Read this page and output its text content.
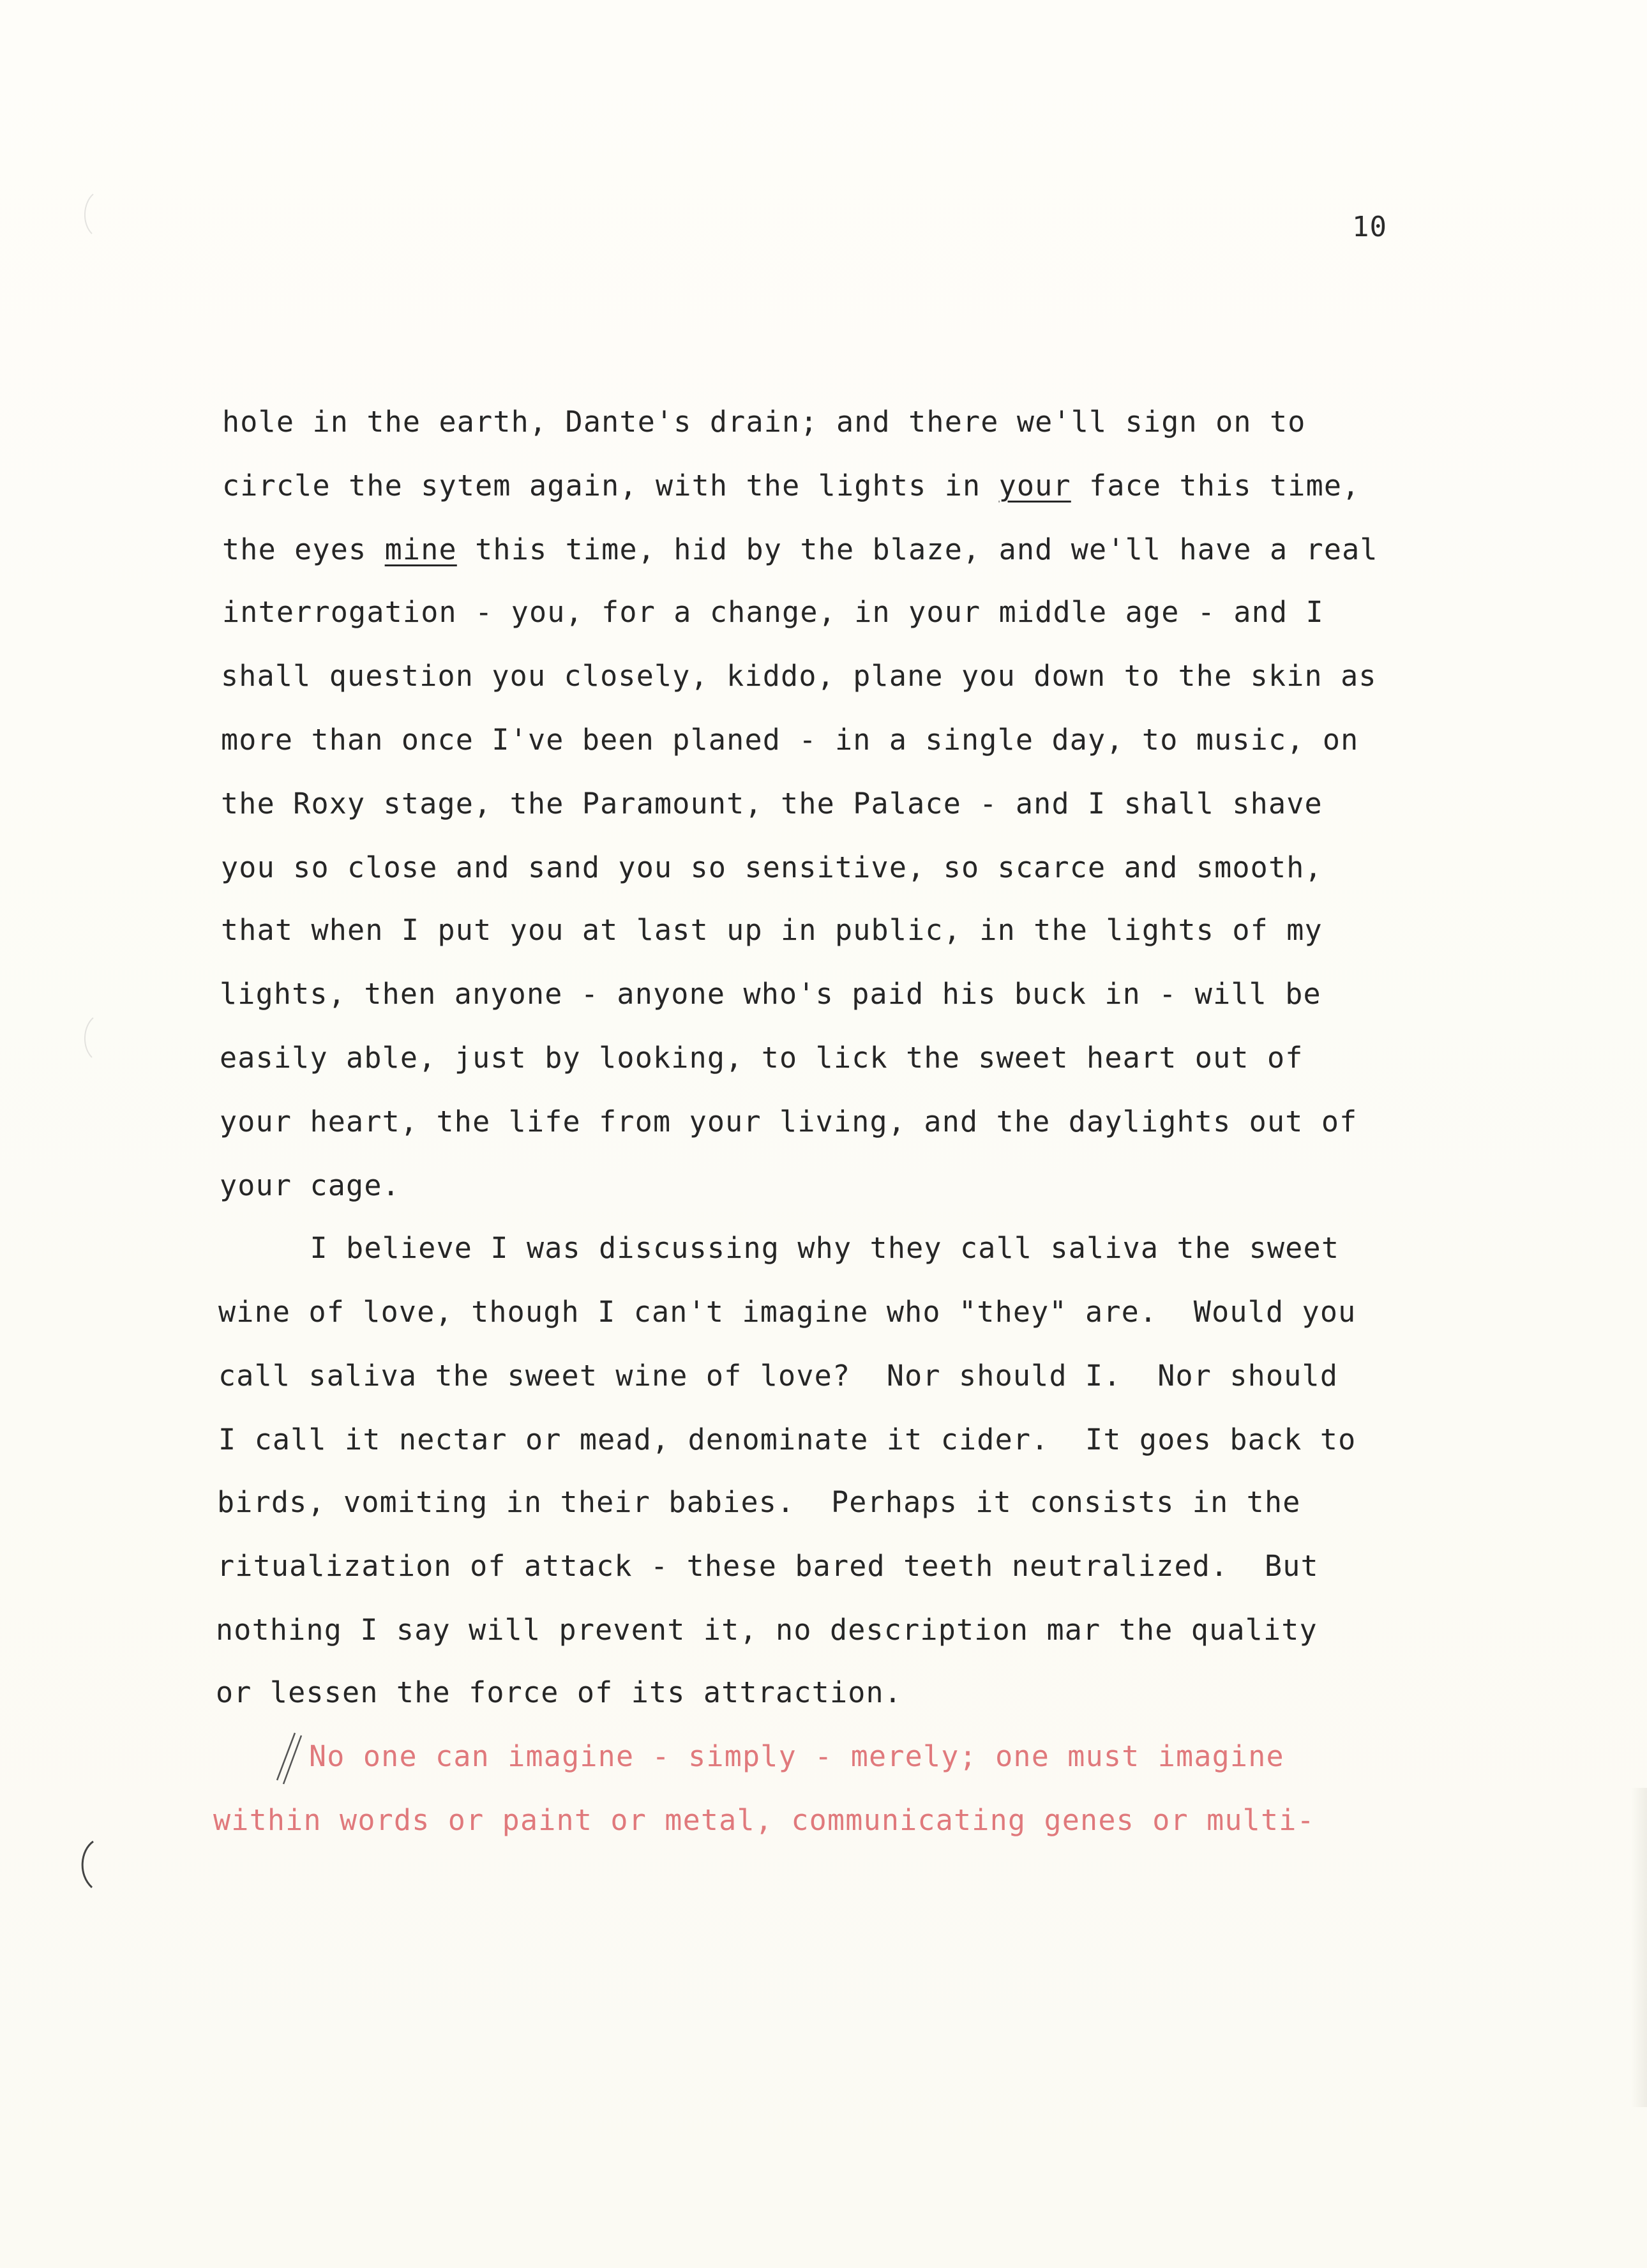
10
hole in the earth, Dante's drain; and there we'll sign on to
circle the sytem again, with the lights in your face this time,
the eyes mine this time, hid by the blaze, and we'll have a real
interrogation - you, for a change, in your middle age - and I
shall question you closely, kiddo, plane you down to the skin as
more than once I've been planed - in a single day, to music, on
the Roxy stage, the Paramount, the Palace - and I shall shave
you so close and sand you so sensitive, so scarce and smooth,
that when I put you at last up in public, in the lights of my
lights, then anyone - anyone who's paid his buck in - will be
easily able, just by looking, to lick the sweet heart out of
your heart, the life from your living, and the daylights out of
your cage.
I believe I was discussing why they call saliva the sweet
wine of love, though I can't imagine who "they" are.  Would you
call saliva the sweet wine of love?  Nor should I.  Nor should
I call it nectar or mead, denominate it cider.  It goes back to
birds, vomiting in their babies.  Perhaps it consists in the
ritualization of attack - these bared teeth neutralized.  But
nothing I say will prevent it, no description mar the quality
or lessen the force of its attraction.
No one can imagine - simply - merely; one must imagine
within words or paint or metal, communicating genes or multi-
